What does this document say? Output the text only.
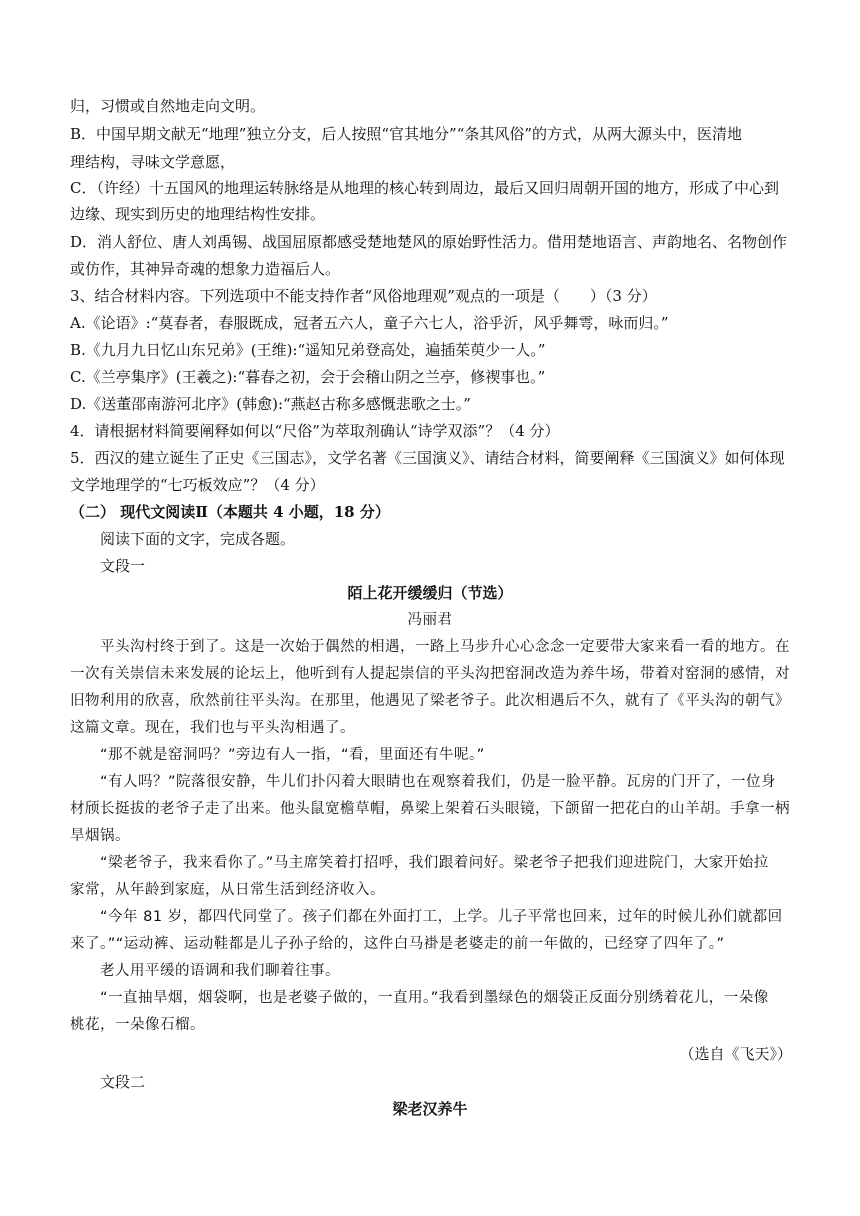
归，习惯或自然地走向文明。
B．中国早期文献无“地理”独立分支，后人按照“官其地分”“条其风俗”的方式，从两大源头中，医清地
理结构，寻味文学意愿，
C．（许经）十五国风的地理运转脉络是从地理的核心转到周边，最后又回归周朝开国的地方，形成了中心到
边缘、现实到历史的地理结构性安排。
D．消人舒位、唐人刘禹锡、战国屈原都感受楚地楚风的原始野性活力。借用楚地语言、声韵地名、名物创作
或仿作，其神异奇魂的想象力造福后人。
3、结合材料内容。下列选项中不能支持作者“风俗地理观”观点的一项是（　　）（3 分）
A.《论语》:“莫春者，春服既成，冠者五六人，童子六七人，浴乎沂，风乎舞雩，咏而归。”
B.《九月九日忆山东兄弟》(王维):“遥知兄弟登高处，遍插茱萸少一人。”
C.《兰亭集序》(王羲之):“暮春之初，会于会稽山阴之兰亭，修禊事也。”
D.《送董邵南游河北序》(韩愈):“燕赵古称多感慨悲歌之士。”
4．请根据材料简要阐释如何以“尺俗”为萃取剂确认“诗学双添”？（4 分）
5．西汉的建立诞生了正史《三国志》，文学名著《三国演义》、请结合材料，简要阐释《三国演义》如何体现
文学地理学的“七巧板效应”？（4 分）
（二） 现代文阅读Ⅱ（本题共 4 小题，18 分）
阅读下面的文字，完成各题。
文段一
陌上花开缓缓归（节选）
冯丽君
平头沟村终于到了。这是一次始于偶然的相遇，一路上马步升心心念念一定要带大家来看一看的地方。在
一次有关崇信未来发展的论坛上，他听到有人提起崇信的平头沟把窑洞改造为养牛场，带着对窑洞的感情，对
旧物利用的欣喜，欣然前往平头沟。在那里，他遇见了梁老爷子。此次相遇后不久，就有了《平头沟的朝气》
这篇文章。现在，我们也与平头沟相遇了。
“那不就是窑洞吗？”旁边有人一指，“看，里面还有牛呢。”
“有人吗？”院落很安静，牛儿们扑闪着大眼睛也在观察着我们，仍是一脸平静。瓦房的门开了，一位身
材颀长挺拔的老爷子走了出来。他头鼠宽檐草帽，鼻梁上架着石头眼镜，下颌留一把花白的山羊胡。手拿一柄
旱烟锅。
“梁老爷子，我来看你了。”马主席笑着打招呼，我们跟着问好。梁老爷子把我们迎进院门，大家开始拉
家常，从年龄到家庭，从日常生活到经济收入。
“今年 81 岁，都四代同堂了。孩子们都在外面打工，上学。儿子平常也回来，过年的时候儿孙们就都回
来了。”“运动裤、运动鞋都是儿子孙子给的，这件白马褂是老婆走的前一年做的，已经穿了四年了。”
老人用平缓的语调和我们聊着往事。
“一直抽旱烟，烟袋啊，也是老婆子做的，一直用。”我看到墨绿色的烟袋正反面分别绣着花儿，一朵像
桃花，一朵像石榴。
（选自《飞天》）
文段二
梁老汉养牛
